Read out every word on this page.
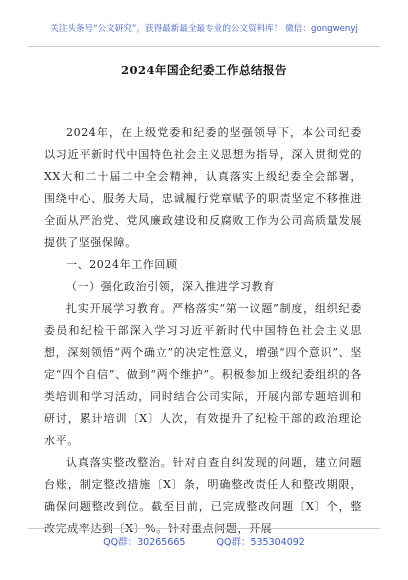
关注头条号“公文研究”，获得最新最全最专业的公文资料库！ 微信：gongwenyj
2024年国企纪委工作总结报告

2024年，在上级党委和纪委的坚强领导下，本公司纪委以习近平新时代中国特色社会主义思想为指导，深入贯彻党的XX大和二十届二中全会精神，认真落实上级纪委全会部署，围绕中心、服务大局，忠诚履行党章赋予的职责坚定不移推进全面从严治党、党风廉政建设和反腐败工作为公司高质量发展提供了坚强保障。

一、2024年工作回顾

（一）强化政治引领，深入推进学习教育

扎实开展学习教育。严格落实“第一议题”制度，组织纪委委员和纪检干部深入学习习近平新时代中国特色社会主义思想，深刻领悟“两个确立”的决定性意义，增强“四个意识”、坚定“四个自信”、做到“两个维护”。积极参加上级纪委组织的各类培训和学习活动，同时结合公司实际，开展内部专题培训和研讨，累计培训〔X〕人次，有效提升了纪检干部的政治理论水平。

认真落实整改整治。针对自查自纠发现的问题，建立问题台账，制定整改措施〔X〕条，明确整改责任人和整改期限，确保问题整改到位。截至目前，已完成整改问题〔X〕个，整改完成率达到〔X〕%。针对重点问题，开展

QQ群：30265665	QQ群：535304092
